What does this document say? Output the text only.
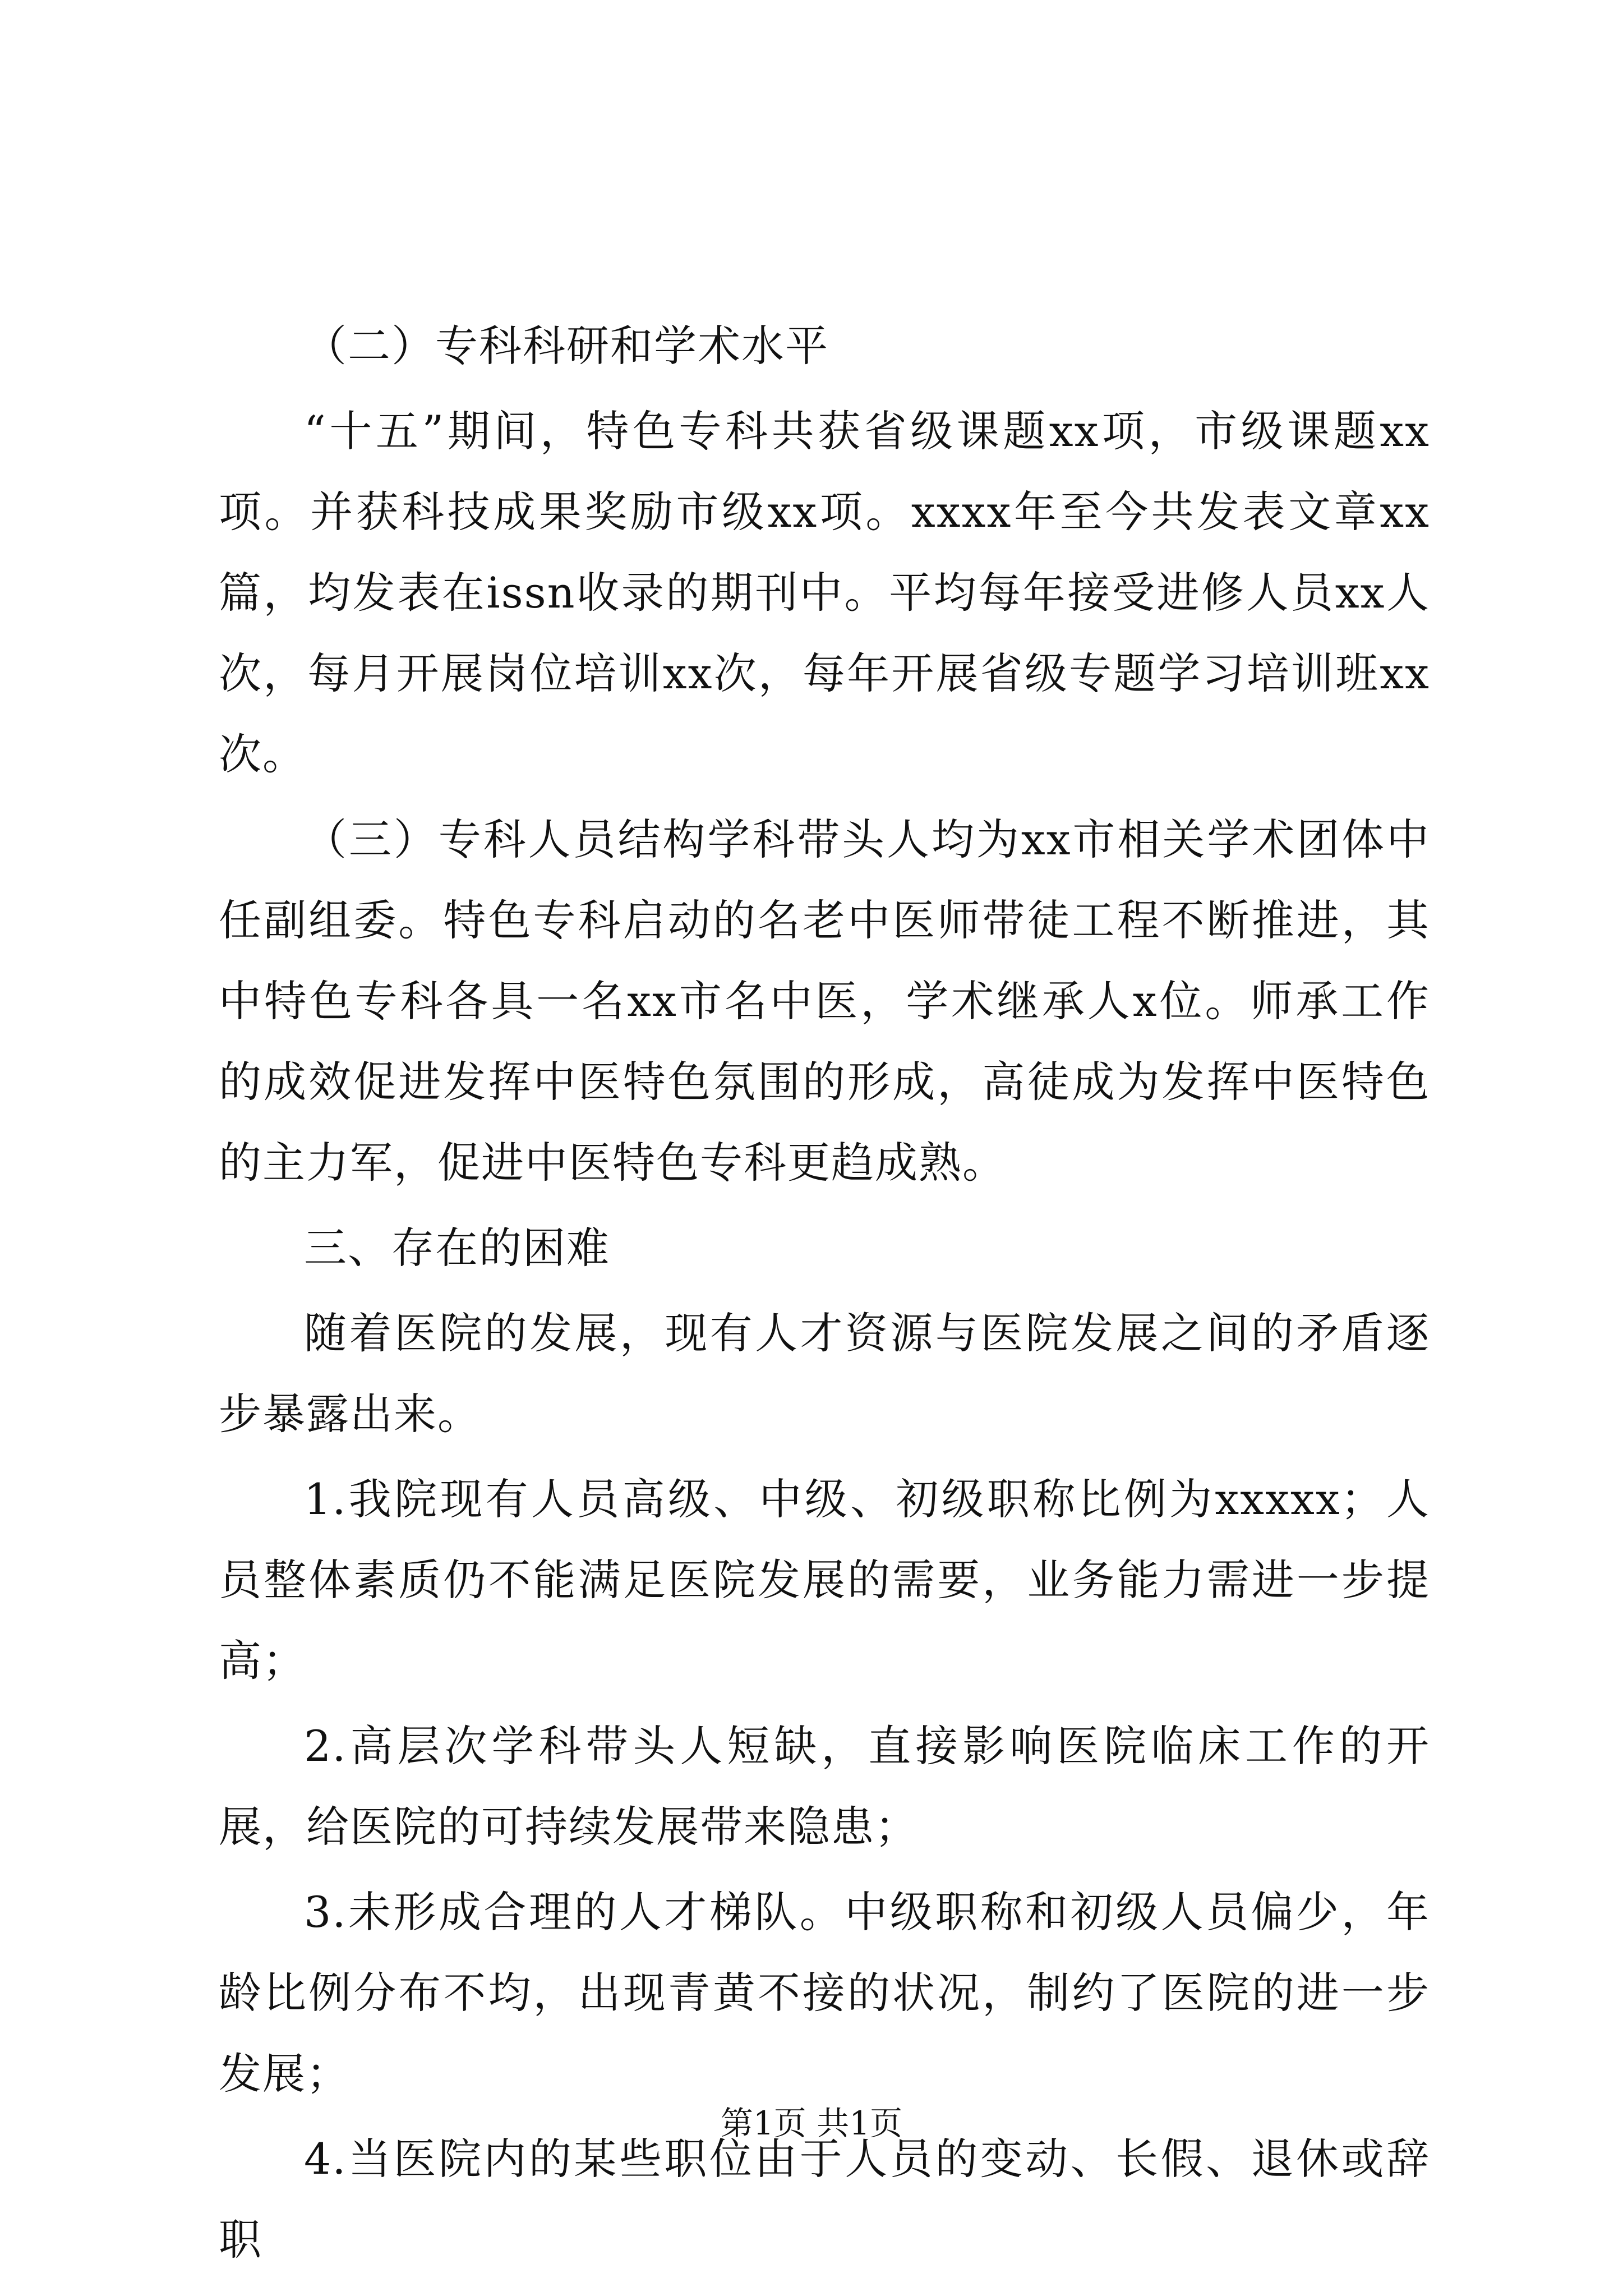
（二）专科科研和学术水平

“十五”期间，特色专科共获省级课题xx项，市级课题xx项。并获科技成果奖励市级xx项。xxxx年至今共发表文章xx篇，均发表在issn收录的期刊中。平均每年接受进修人员xx人次，每月开展岗位培训xx次，每年开展省级专题学习培训班xx次。

（三）专科人员结构学科带头人均为xx市相关学术团体中任副组委。特色专科启动的名老中医师带徒工程不断推进，其中特色专科各具一名xx市名中医，学术继承人x位。师承工作的成效促进发挥中医特色氛围的形成，高徒成为发挥中医特色的主力军，促进中医特色专科更趋成熟。

三、存在的困难

随着医院的发展，现有人才资源与医院发展之间的矛盾逐步暴露出来。

1.我院现有人员高级、中级、初级职称比例为xxxxx；人员整体素质仍不能满足医院发展的需要，业务能力需进一步提高；

2.高层次学科带头人短缺，直接影响医院临床工作的开展，给医院的可持续发展带来隐患；

3.未形成合理的人才梯队。中级职称和初级人员偏少，年龄比例分布不均，出现青黄不接的状况，制约了医院的进一步发展；

4.当医院内的某些职位由于人员的变动、长假、退休或辞职

第1页 共1页
